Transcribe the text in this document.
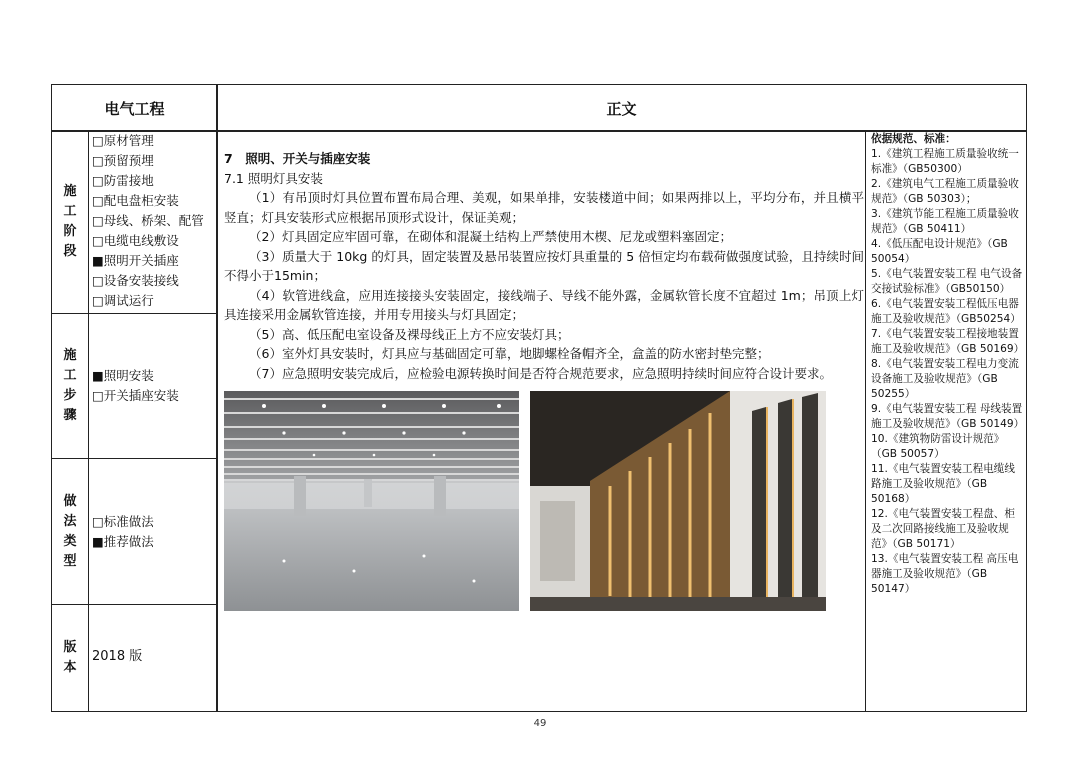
电气工程	正文
施
工
阶
段
□原材管理
□预留预埋
□防雷接地
□配电盘柜安装
□母线、桥架、配管
□电缆电线敷设
■照明开关插座
□设备安装接线
□调试运行
施
工
步
骤
■照明安装
□开关插座安装
做
法
类
型
□标准做法
■推荐做法
版
本
2018 版
7　照明、开关与插座安装
7.1 照明灯具安装
（1）有吊顶时灯具位置布置布局合理、美观，如果单排，安装楼道中间；如果两排以上，平均分布，并且横平竖直；灯具安装形式应根据吊顶形式设计，保证美观；
（2）灯具固定应牢固可靠，在砌体和混凝土结构上严禁使用木楔、尼龙或塑料塞固定；
（3）质量大于 10kg 的灯具，固定装置及悬吊装置应按灯具重量的 5 倍恒定均布载荷做强度试验，且持续时间不得小于15min；
（4）软管进线盒，应用连接接头安装固定，接线端子、导线不能外露，金属软管长度不宜超过 1m；吊顶上灯具连接采用金属软管连接，并用专用接头与灯具固定；
（5）高、低压配电室设备及裸母线正上方不应安装灯具；
（6）室外灯具安装时，灯具应与基础固定可靠，地脚螺栓备帽齐全，盒盖的防水密封垫完整；
（7）应急照明安装完成后，应检验电源转换时间是否符合规范要求，应急照明持续时间应符合设计要求。
依据规范、标准：
1.《建筑工程施工质量验收统一标准》（GB50300）
2.《建筑电气工程施工质量验收规范》（GB 50303）；
3.《建筑节能工程施工质量验收规范》（GB 50411）
4.《低压配电设计规范》（GB 50054）
5.《电气装置安装工程 电气设备交接试验标准》（GB50150）
6.《电气装置安装工程低压电器施工及验收规范》（GB50254）
7.《电气装置安装工程接地装置施工及验收规范》（GB 50169）
8.《电气装置安装工程电力变流设备施工及验收规范》（GB 50255）
9.《电气装置安装工程 母线装置施工及验收规范》（GB 50149）
10.《建筑物防雷设计规范》（GB 50057）
11.《电气装置安装工程电缆线路施工及验收规范》（GB 50168）
12.《电气装置安装工程盘、柜及二次回路接线施工及验收规范》（GB 50171）
13.《电气装置安装工程 高压电器施工及验收规范》（GB 50147）
49
